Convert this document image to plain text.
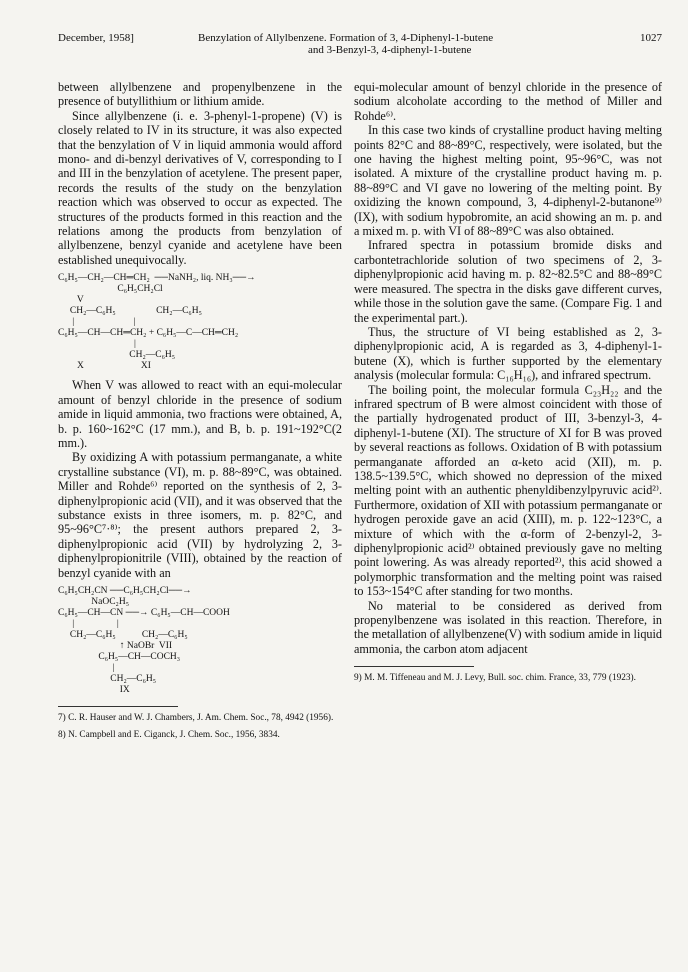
December, 1958]	Benzylation of Allylbenzene. Formation of 3, 4-Diphenyl-1-butene
and 3-Benzyl-3, 4-diphenyl-1-butene
1027

between allylbenzene and propenylbenzene in the presence of butyllithium or lithium amide.

Since allylbenzene (i. e. 3-phenyl-1-propene) (V) is closely related to IV in its structure, it was also expected that the benzylation of V in liquid ammonia would afford mono- and di-benzyl derivatives of V, corresponding to I and III in the benzylation of acetylene. The present paper, records the results of the study on the benzylation reaction which was observed to occur as expected. The structures of the products formed in this reaction and the relations among the products from benzylation of allylbenzene, benzyl cyanide and acetylene have been established unequivocally.

C₆H₅—CH₂—CH═CH₂  ──NaNH₂, liq. NH₃──→
C₆H₅CH₂Cl
V
CH₂—C₆H₅                 CH₂—C₆H₅
|                         |
C₆H₅—CH—CH═CH₂ + C₆H₅—C—CH═CH₂
|
CH₂—C₆H₅
X                        XI

When V was allowed to react with an equi-molecular amount of benzyl chloride in the presence of sodium amide in liquid ammonia, two fractions were obtained, A, b. p. 160~162°C (17 mm.), and B, b. p. 191~192°C(2 mm.).

By oxidizing A with potassium permanganate, a white crystalline substance (VI), m. p. 88~89°C, was obtained. Miller and Rohde⁶⁾ reported on the synthesis of 2, 3-diphenylpropionic acid (VII), and it was observed that the substance exists in three isomers, m. p. 82°C, and 95~96°C⁷·⁸⁾; the present authors prepared 2, 3-diphenylpropionic acid (VII) by hydrolyzing 2, 3-diphenylpropionitrile (VIII), obtained by the reaction of benzyl cyanide with an

C₆H₅CH₂CN ──C₆H₅CH₂Cl──→
NaOC₂H₅
C₆H₅—CH—CN ──→ C₆H₅—CH—COOH
|                  |
CH₂—C₆H₅           CH₂—C₆H₅
↑ NaOBr  VII
C₆H₅—CH—COCH₃
|
CH₂—C₆H₅
IX
7) C. R. Hauser and W. J. Chambers, J. Am. Chem. Soc., 78, 4942 (1956).
8) N. Campbell and E. Ciganck, J. Chem. Soc., 1956, 3834.

equi-molecular amount of benzyl chloride in the presence of sodium alcoholate according to the method of Miller and Rohde⁶⁾.

In this case two kinds of crystalline product having melting points 82°C and 88~89°C, respectively, were isolated, but the one having the highest melting point, 95~96°C, was not isolated. A mixture of the crystalline product having m. p. 88~89°C and VI gave no lowering of the melting point. By oxidizing the known compound, 3, 4-diphenyl-2-butanone⁹⁾ (IX), with sodium hypobromite, an acid showing an m. p. and a mixed m. p. with VI of 88~89°C was also obtained.

Infrared spectra in potassium bromide disks and carbontetrachloride solution of two specimens of 2, 3-diphenylpropionic acid having m. p. 82~82.5°C and 88~89°C were measured. The spectra in the disks gave different curves, while those in the solution gave the same. (Compare Fig. 1 and the experimental part.).

Thus, the structure of VI being established as 2, 3-diphenylpropionic acid, A is regarded as 3, 4-diphenyl-1-butene (X), which is further supported by the elementary analysis (molecular formula: C₁₆H₁₆), and infrared spectrum.

The boiling point, the molecular formula C₂₃H₂₂ and the infrared spectrum of B were almost coincident with those of the partially hydrogenated product of III, 3-benzyl-3, 4-diphenyl-1-butene (XI). The structure of XI for B was proved by several reactions as follows. Oxidation of B with potassium permanganate afforded an α-keto acid (XII), m. p. 138.5~139.5°C, which showed no depression of the mixed melting point with an authentic phenyldibenzylpyruvic acid²⁾. Furthermore, oxidation of XII with potassium permanganate or hydrogen peroxide gave an acid (XIII), m. p. 122~123°C, a mixture of which with the α-form of 2-benzyl-2, 3-diphenylpropionic acid²⁾ obtained previously gave no melting point lowering. As was already reported²⁾, this acid showed a polymorphic transformation and the melting point was raised to 153~154°C after standing for two months.

No material to be considered as derived from propenylbenzene was isolated in this reaction. Therefore, in the metallation of allylbenzene(V) with sodium amide in liquid ammonia, the carbon atom adjacent

9) M. M. Tiffeneau and M. J. Levy, Bull. soc. chim. France, 33, 779 (1923).
